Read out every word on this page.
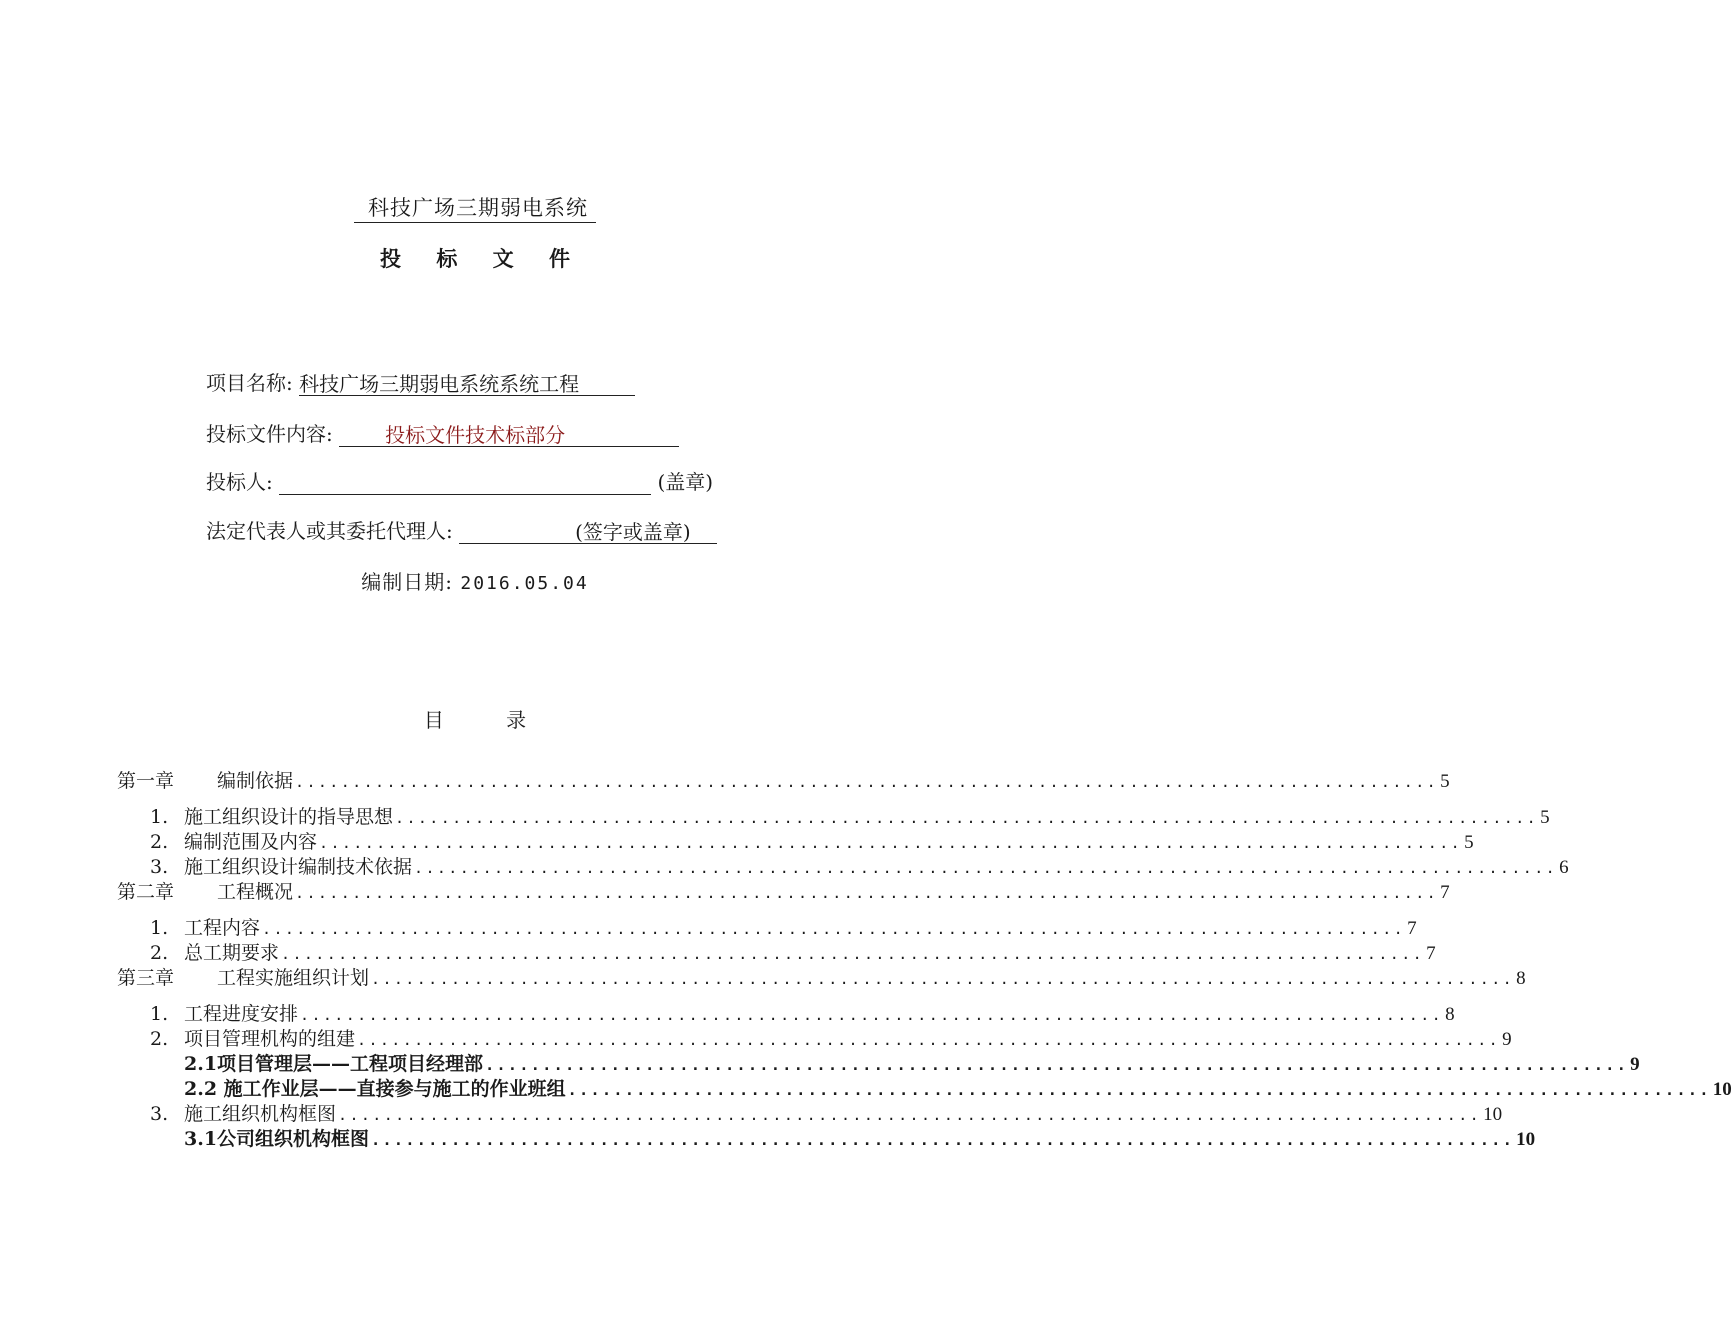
科技广场三期弱电系统
投 标 文 件
项目名称: 科技广场三期弱电系统系统工程
投标文件内容:	投标文件技术标部分
投标人:	(盖章)
法定代表人或其委托代理人:	(签字或盖章)
编制日期: 2016.05.04
目 录
第一章	编制依据 .................................................................................................... 5
1. 施工组织设计的指导思想 .................................................................................................... 5
2. 编制范围及内容 .................................................................................................... 5
3. 施工组织设计编制技术依据 .................................................................................................... 6
第二章	工程概况 .................................................................................................... 7
1. 工程内容 .................................................................................................... 7
2. 总工期要求 .................................................................................................... 7
第三章	工程实施组织计划 .................................................................................................... 8
1. 工程进度安排 .................................................................................................... 8
2. 项目管理机构的组建 .................................................................................................... 9
2.1项目管理层——工程项目经理部 .................................................................................................... 9
2.2 施工作业层——直接参与施工的作业班组 .................................................................................................... 10
3. 施工组织机构框图 .................................................................................................... 10
3.1公司组织机构框图 .................................................................................................... 10
